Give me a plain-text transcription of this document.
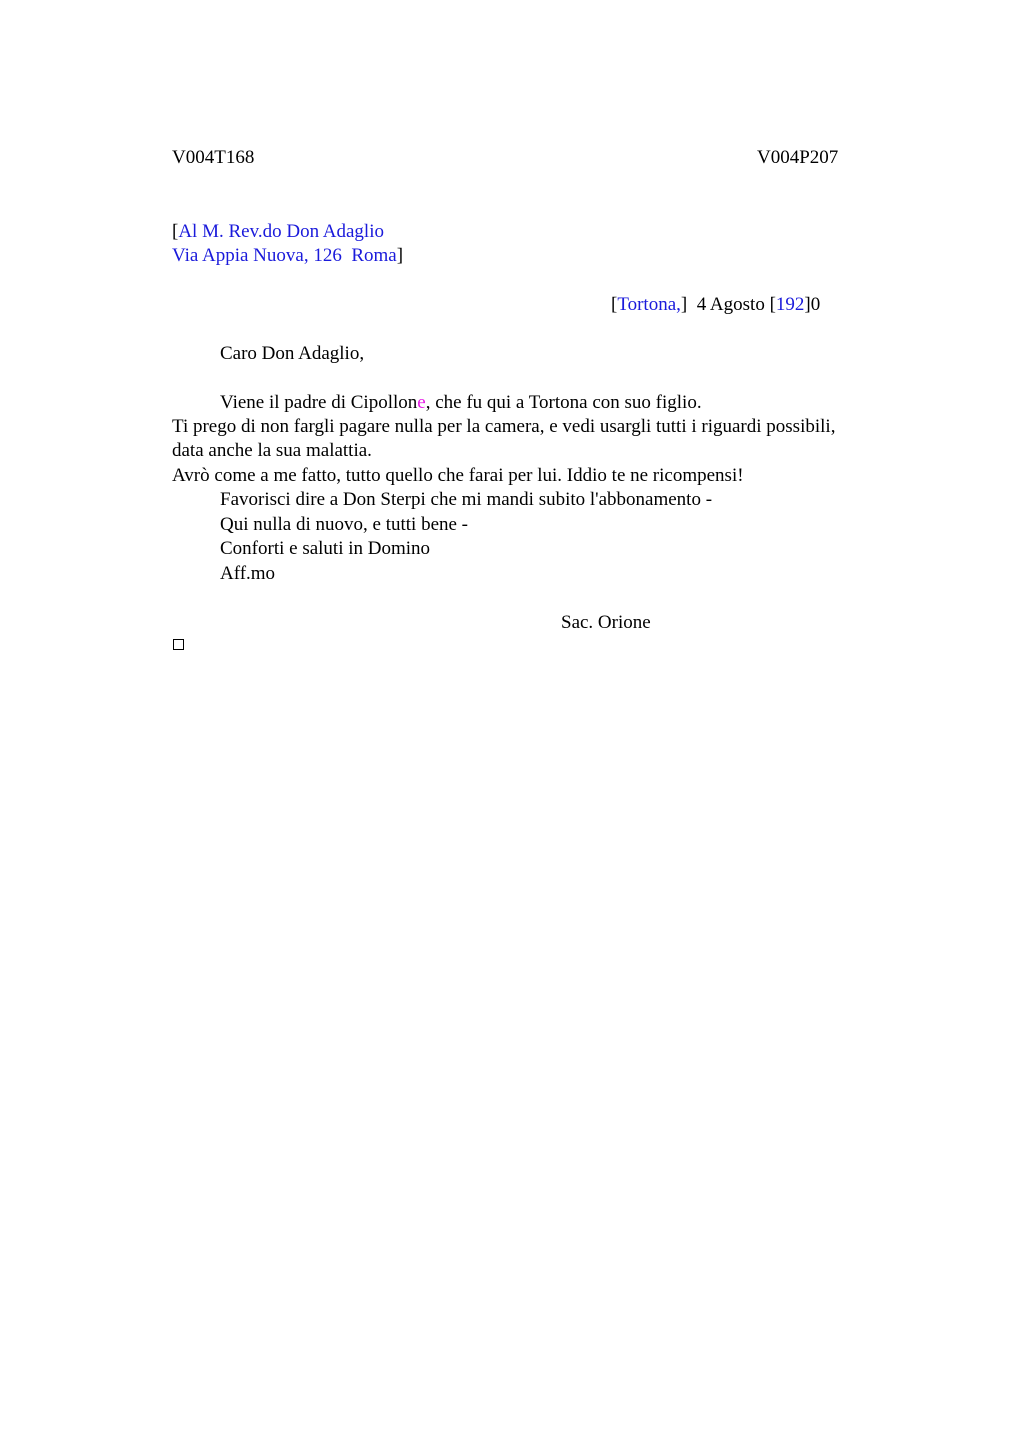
V004T168	V004P207
[Al M. Rev.do Don Adaglio
Via Appia Nuova, 126  Roma]
[Tortona,]  4 Agosto [192]0
Caro Don Adaglio,
Viene il padre di Cipollone, che fu qui a Tortona con suo figlio.
Ti prego di non fargli pagare nulla per la camera, e vedi usargli tutti i riguardi possibili,
data anche la sua malattia.
Avrò come a me fatto, tutto quello che farai per lui. Iddio te ne ricompensi!
Favorisci dire a Don Sterpi che mi mandi subito l'abbonamento -
Qui nulla di nuovo, e tutti bene -
Conforti e saluti in Domino
Aff.mo
Sac. Orione
